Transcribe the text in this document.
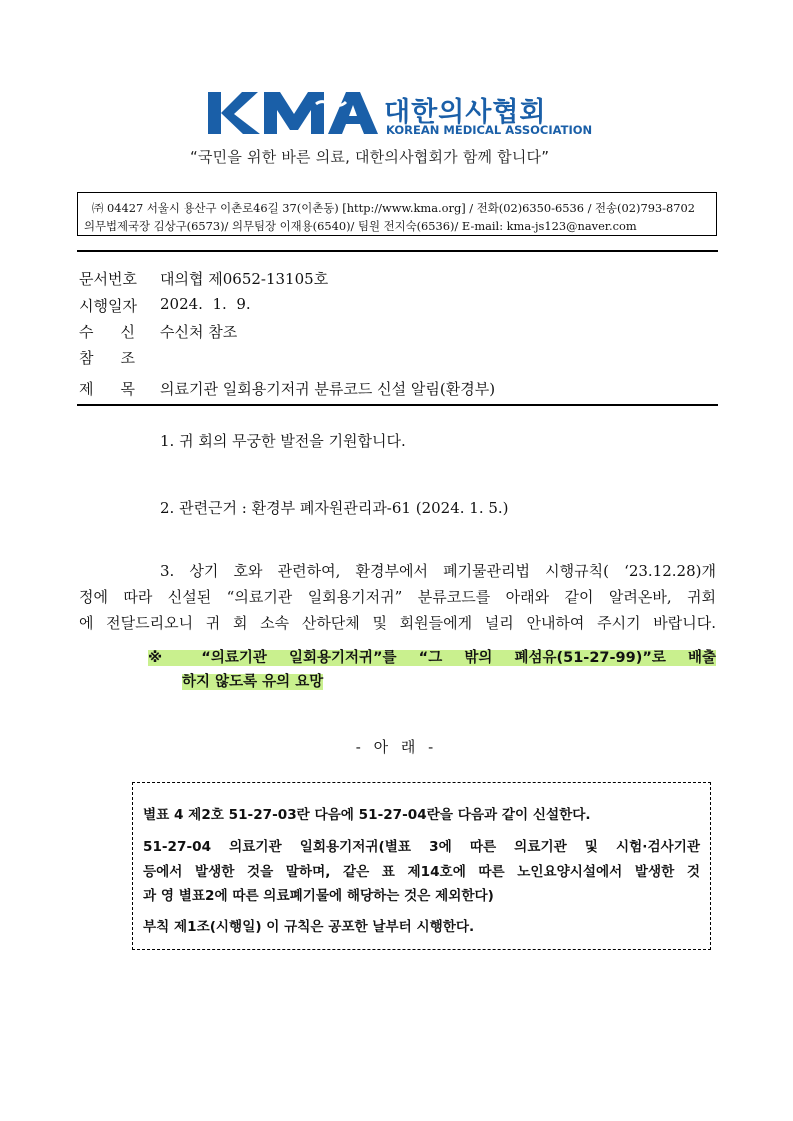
대한의사협회
KOREAN MEDICAL ASSOCIATION
“국민을 위한 바른 의료, 대한의사협회가 함께 합니다”
㈜ 04427 서울시 용산구 이촌로46길 37(이촌동) [http://www.kma.org] / 전화(02)6350-6536 / 전송(02)793-8702
의무법제국장 김상구(6573)/ 의무팀장 이재용(6540)/ 팀원 전지숙(6536)/ E-mail: kma-js123@naver.com
문서번호 대의협 제0652-13105호
시행일자 2024.  1.  9.
수신
수신처 참조
참조
제목
의료기관 일회용기저귀 분류코드 신설 알림(환경부)
1. 귀 회의 무궁한 발전을 기원합니다.
2. 관련근거 : 환경부 폐자원관리과-61 (2024. 1. 5.)
3. 상기 호와 관련하여, 환경부에서 폐기물관리법 시행규칙( ‘23.12.28)개
정에 따라 신설된 “의료기관 일회용기저귀” 분류코드를 아래와 같이 알려온바, 귀회
에 전달드리오니 귀 회 소속 산하단체 및 회원들에게 널리 안내하여 주시기 바랍니다.
※ “의료기관 일회용기저귀”를 “그 밖의 폐섬유(51-27-99)”로 배출
하지 않도록 유의 요망
- 아 래 -
별표 4 제2호 51-27-03란 다음에 51-27-04란을 다음과 같이 신설한다.
51-27-04 의료기관 일회용기저귀(별표 3에 따른 의료기관 및 시험·검사기관
등에서 발생한 것을 말하며, 같은 표 제14호에 따른 노인요양시설에서 발생한 것
과 영 별표2에 따른 의료폐기물에 해당하는 것은 제외한다)
부칙 제1조(시행일) 이 규칙은 공포한 날부터 시행한다.
